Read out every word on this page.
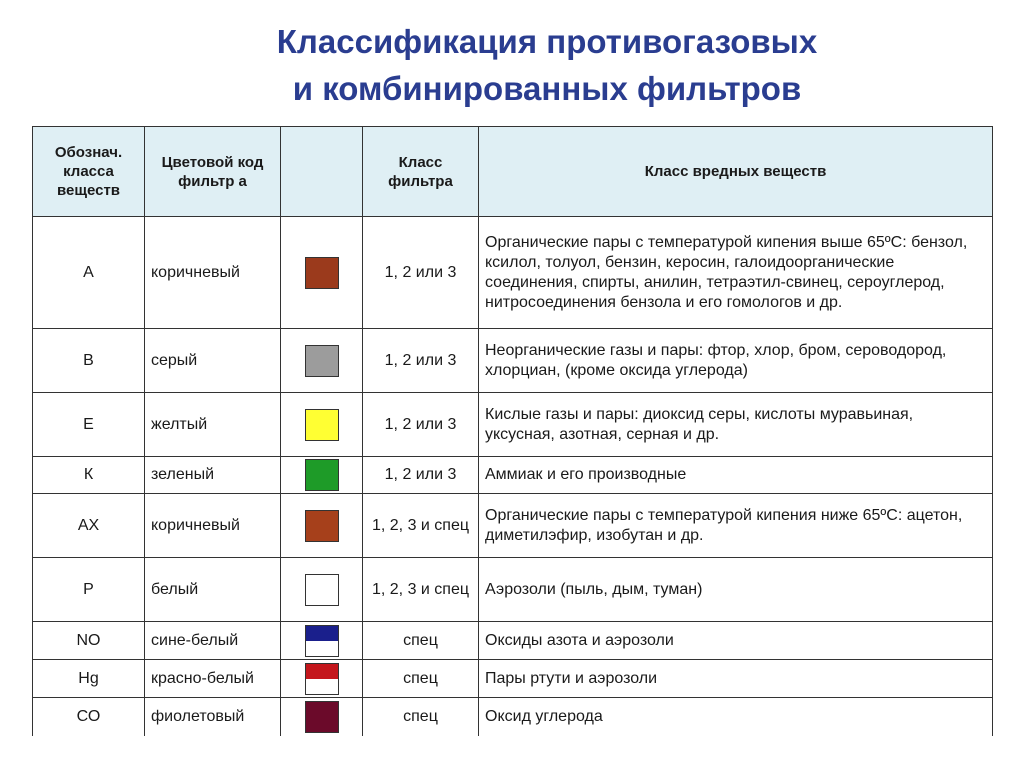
Классификация противогазовых
и комбинированных фильтров
Обознач. класса веществ	Цветовой код фильтр а		Класс фильтра	Класс вредных веществ
А	коричневый		1, 2 или 3	Органические пары с температурой кипения выше 65ºС: бензол, ксилол, толуол, бензин, керосин, галоидоорганические соединения, спирты, анилин, тетраэтил-свинец, сероуглерод, нитросоединения бензола и его гомологов и др.
В	серый		1, 2 или 3	Неорганические газы и пары: фтор, хлор, бром, сероводород, хлорциан, (кроме оксида углерода)
Е	желтый		1, 2 или 3	Кислые газы и пары: диоксид серы, кислоты муравьиная, уксусная, азотная, серная и др.
К	зеленый		1, 2 или 3	Аммиак и его производные
АХ	коричневый		1, 2, 3 и спец	Органические пары с температурой кипения ниже 65ºС: ацетон, диметилэфир, изобутан и др.
Р	белый		1, 2, 3 и спец	Аэрозоли (пыль, дым, туман)
NO	сине-белый		спец	Оксиды азота и аэрозоли
Hg	красно-белый		спец	Пары ртути и аэрозоли
СО	фиолетовый		спец	Оксид углерода
